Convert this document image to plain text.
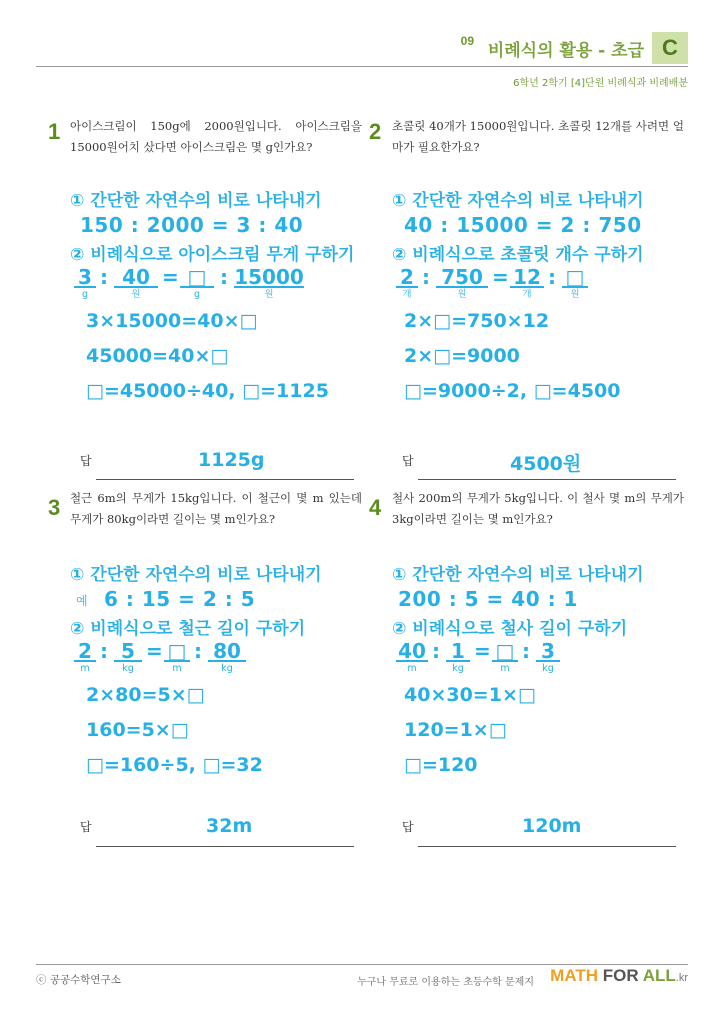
09 비례식의 활용 - 초급 C
6학년 2학기 [4]단원 비례식과 비례배분
1 아이스크림이 150g에 2000원입니다. 아이스크림을 15000원어치 샀다면 아이스크림은 몇 g인가요?

① 간단한 자연수의 비로 나타내기
150 : 2000 = 3 : 40
② 비례식으로 아이스크림 무게 구하기
3
g
: 40
원
= □
g
: 15000
원
3×15000=40×□
45000=40×□
□=45000÷40, □=1125
답	1125g
2 초콜릿 40개가 15000원입니다. 초콜릿 12개를 사려면 얼마가 필요한가요?

① 간단한 자연수의 비로 나타내기
40 : 15000 = 2 : 750
② 비례식으로 초콜릿 개수 구하기
2
개
: 750
원
= 12
개
: □
원
2×□=750×12
2×□=9000
□=9000÷2, □=4500
답	4500원
3 철근 6m의 무게가 15kg입니다. 이 철근이 몇 m 있는데 무게가 80kg이라면 길이는 몇 m인가요?

① 간단한 자연수의 비로 나타내기
예 6 : 15 = 2 : 5
② 비례식으로 철근 길이 구하기
2
m
: 5
kg
= □
m
: 80
kg
2×80=5×□
160=5×□
□=160÷5, □=32
답	32m
4 철사 200m의 무게가 5kg입니다. 이 철사 몇 m의 무게가 3kg이라면 길이는 몇 m인가요?

① 간단한 자연수의 비로 나타내기
200 : 5 = 40 : 1
② 비례식으로 철사 길이 구하기
40
m
: 1
kg
= □
m
: 3
kg
40×30=1×□
120=1×□
□=120
답	120m
ⓒ 공공수학연구소	누구나 무료로 이용하는 초등수학 문제지 MATH FOR ALL.kr
